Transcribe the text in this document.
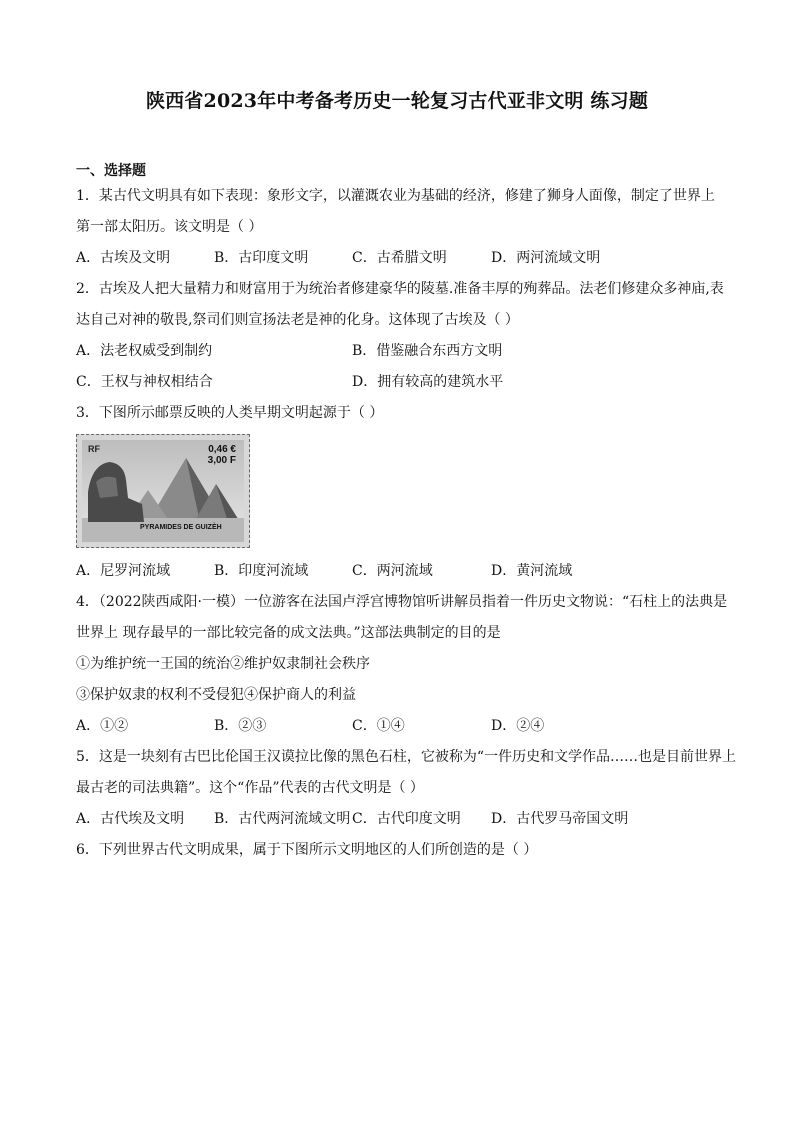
陕西省2023年中考备考历史一轮复习古代亚非文明 练习题
一、选择题
1．某古代文明具有如下表现：象形文字，以灌溉农业为基础的经济，修建了狮身人面像，制定了世界上
第一部太阳历。该文明是（ ）
A．古埃及文明	B．古印度文明	C．古希腊文明	D．两河流域文明
2．古埃及人把大量精力和财富用于为统治者修建豪华的陵墓.准备丰厚的殉葬品。法老们修建众多神庙,表
达自己对神的敬畏,祭司们则宣扬法老是神的化身。这体现了古埃及（ ）
A．法老权威受到制约	B．借鉴融合东西方文明
C．王权与神权相结合	D．拥有较高的建筑水平
3．下图所示邮票反映的人类早期文明起源于（ ）
RF	0,46 €
3,00 F
PYRAMIDES DE GUIZÈH
A．尼罗河流域	B．印度河流域	C．两河流域	D．黄河流域
4．（2022陕西咸阳·一模）一位游客在法国卢浮宫博物馆听讲解员指着一件历史文物说：“石柱上的法典是
世界上 现存最早的一部比较完备的成文法典。”这部法典制定的目的是
①为维护统一王国的统治②维护奴隶制社会秩序
③保护奴隶的权利不受侵犯④保护商人的利益
A．①②	B．②③	C．①④	D．②④
5．这是一块刻有古巴比伦国王汉谟拉比像的黑色石柱，它被称为“一件历史和文学作品……也是目前世界上
最古老的司法典籍”。这个“作品”代表的古代文明是（ ）
A．古代埃及文明 B．古代两河流域文明 C．古代印度文明 D．古代罗马帝国文明
6．下列世界古代文明成果，属于下图所示文明地区的人们所创造的是（ ）
